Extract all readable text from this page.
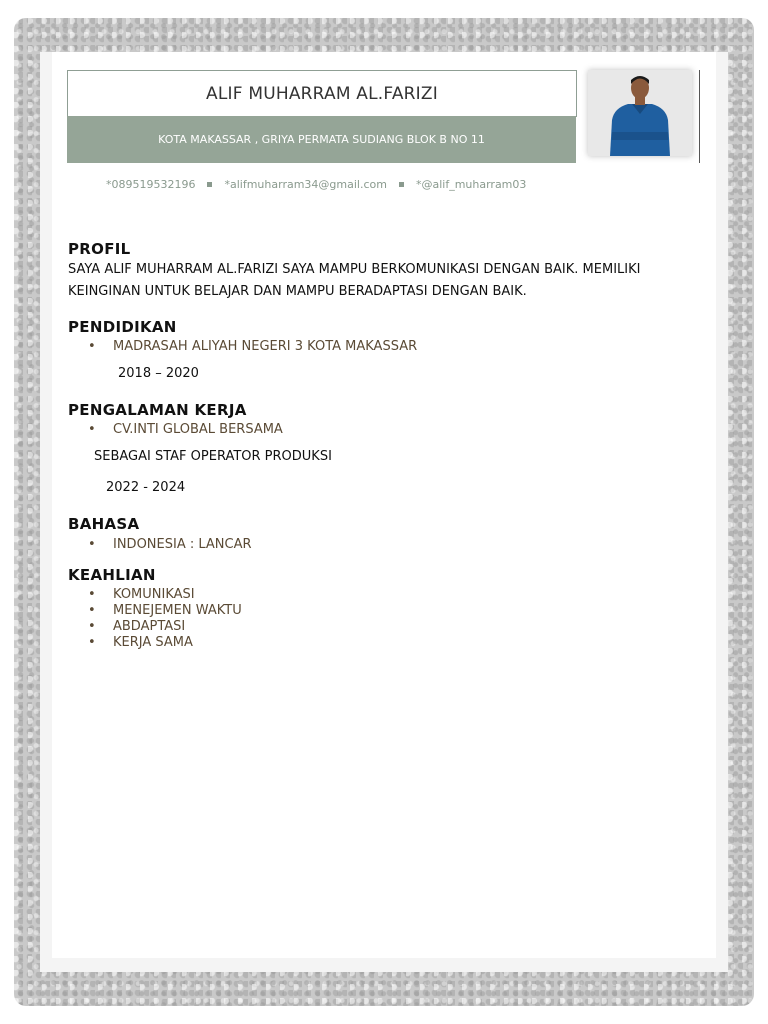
ALIF MUHARRAM AL.FARIZI
KOTA MAKASSAR , GRIYA PERMATA SUDIANG BLOK B NO 11
*089519532196	*alifmuharram34@gmail.com	*@alif_muharram03
PROFIL

SAYA ALIF MUHARRAM AL.FARIZI SAYA MAMPU BERKOMUNIKASI DENGAN BAIK. MEMILIKI KEINGINAN UNTUK BELAJAR DAN MAMPU BERADAPTASI DENGAN BAIK.

PENDIDIKAN

• MADRASAH ALIYAH NEGERI 3 KOTA MAKASSAR

2018 – 2020

PENGALAMAN KERJA

• CV.INTI GLOBAL BERSAMA

SEBAGAI STAF OPERATOR PRODUKSI

2022 - 2024

BAHASA

• INDONESIA : LANCAR

KEAHLIAN

• KOMUNIKASI

• MENEJEMEN WAKTU

• ABDAPTASI

• KERJA SAMA
